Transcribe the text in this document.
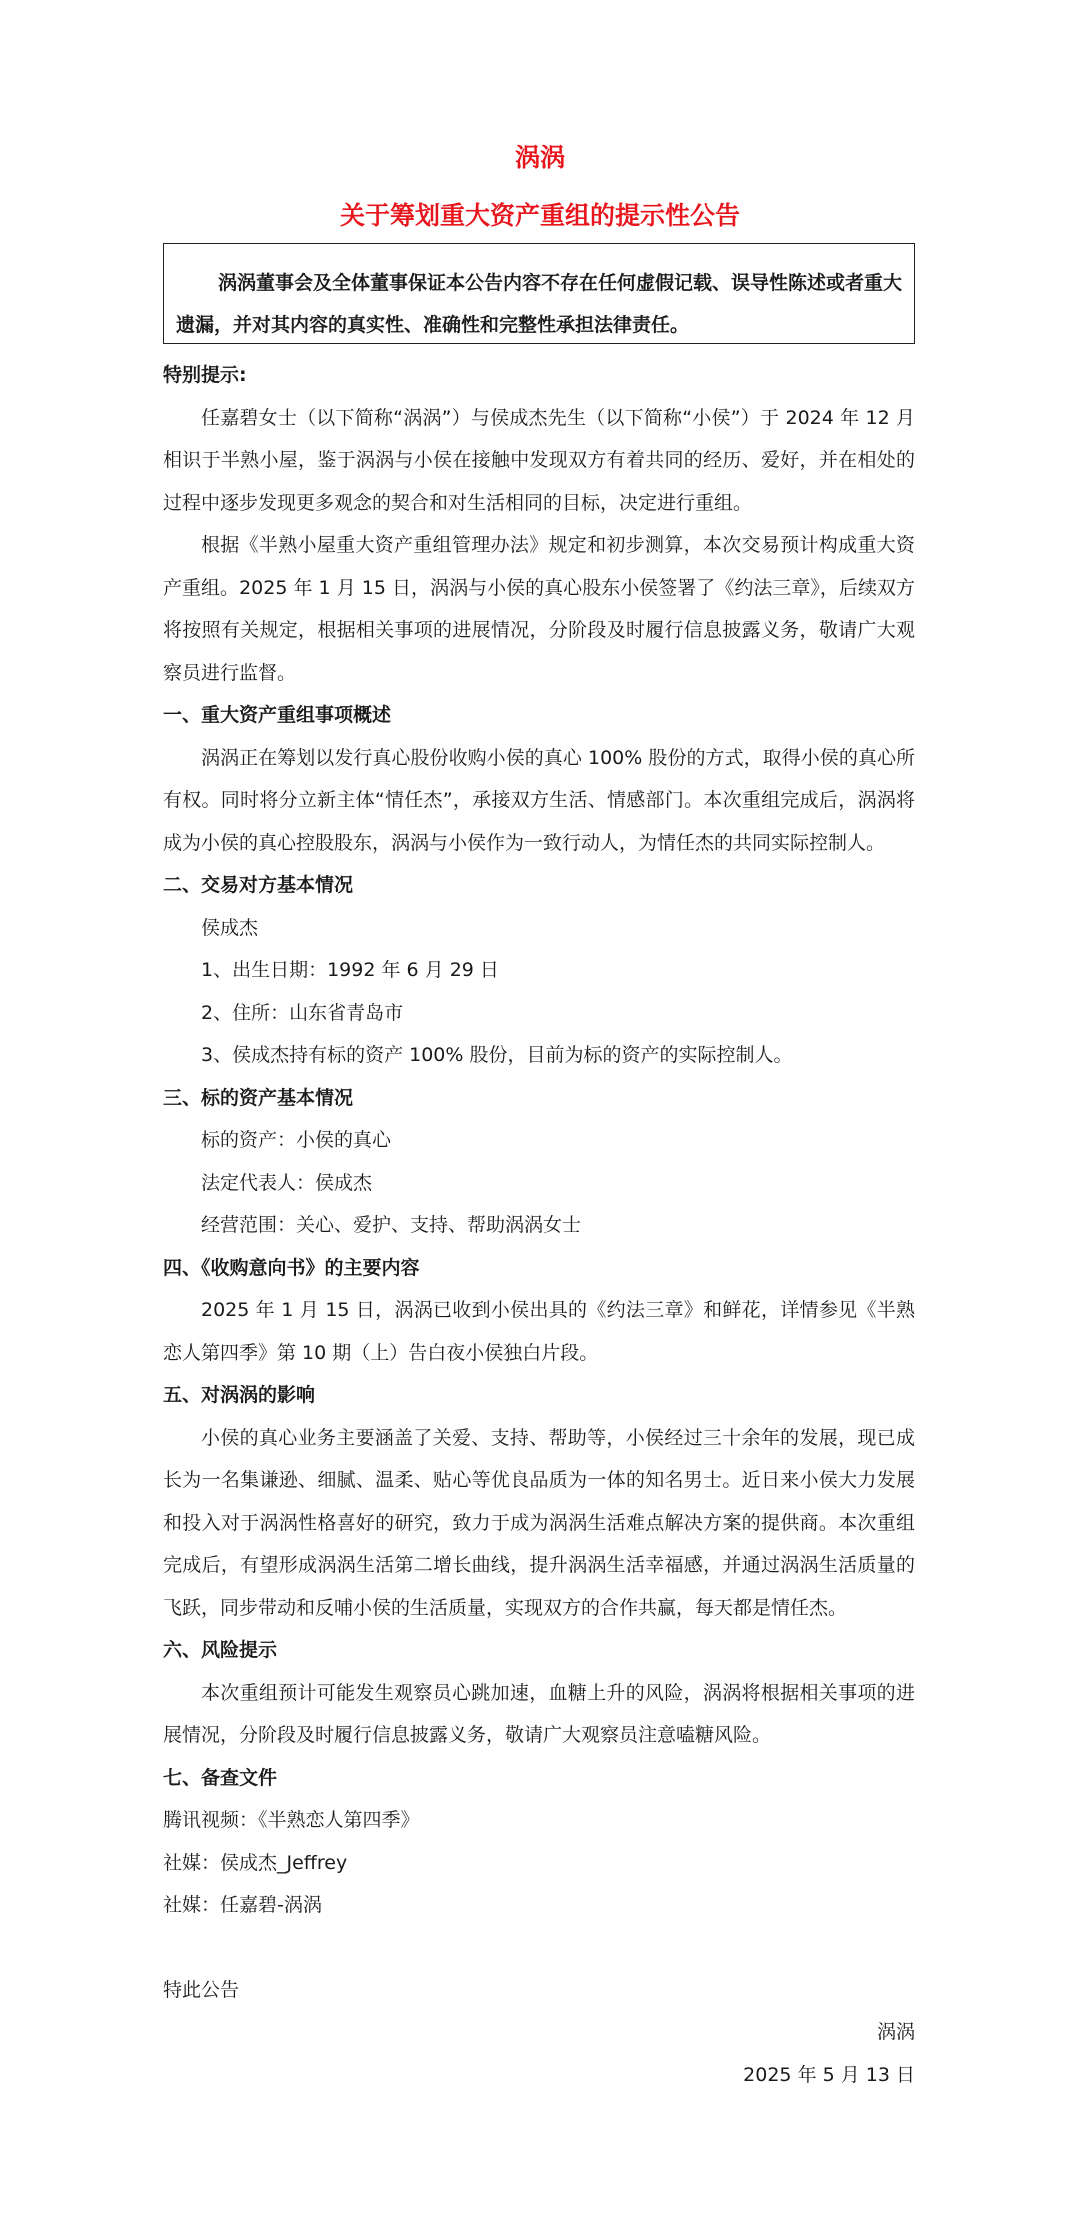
涡涡
关于筹划重大资产重组的提示性公告
涡涡董事会及全体董事保证本公告内容不存在任何虚假记载、误导性陈述或者重大遗漏，并对其内容的真实性、准确性和完整性承担法律责任。
特别提示:

任嘉碧女士（以下简称“涡涡”）与侯成杰先生（以下简称“小侯”）于 2024 年 12 月相识于半熟小屋，鉴于涡涡与小侯在接触中发现双方有着共同的经历、爱好，并在相处的过程中逐步发现更多观念的契合和对生活相同的目标，决定进行重组。

根据《半熟小屋重大资产重组管理办法》规定和初步测算，本次交易预计构成重大资产重组。2025 年 1 月 15 日，涡涡与小侯的真心股东小侯签署了《约法三章》，后续双方将按照有关规定，根据相关事项的进展情况，分阶段及时履行信息披露义务，敬请广大观察员进行监督。

一、重大资产重组事项概述

涡涡正在筹划以发行真心股份收购小侯的真心 100% 股份的方式，取得小侯的真心所有权。同时将分立新主体“情任杰”，承接双方生活、情感部门。本次重组完成后，涡涡将成为小侯的真心控股股东，涡涡与小侯作为一致行动人，为情任杰的共同实际控制人。

二、交易对方基本情况
侯成杰
1、出生日期：1992 年 6 月 29 日
2、住所：山东省青岛市
3、侯成杰持有标的资产 100% 股份，目前为标的资产的实际控制人。
三、标的资产基本情况
标的资产：小侯的真心
法定代表人：侯成杰
经营范围：关心、爱护、支持、帮助涡涡女士
四、《收购意向书》的主要内容

2025 年 1 月 15 日，涡涡已收到小侯出具的《约法三章》和鲜花，详情参见《半熟恋人第四季》第 10 期（上）告白夜小侯独白片段。

五、对涡涡的影响

小侯的真心业务主要涵盖了关爱、支持、帮助等，小侯经过三十余年的发展，现已成长为一名集谦逊、细腻、温柔、贴心等优良品质为一体的知名男士。近日来小侯大力发展和投入对于涡涡性格喜好的研究，致力于成为涡涡生活难点解决方案的提供商。本次重组完成后，有望形成涡涡生活第二增长曲线，提升涡涡生活幸福感，并通过涡涡生活质量的飞跃，同步带动和反哺小侯的生活质量，实现双方的合作共赢，每天都是情任杰。

六、风险提示

本次重组预计可能发生观察员心跳加速，血糖上升的风险，涡涡将根据相关事项的进展情况，分阶段及时履行信息披露义务，敬请广大观察员注意嗑糖风险。

七、备查文件
腾讯视频：《半熟恋人第四季》
社媒：侯成杰_Jeffrey
社媒：任嘉碧-涡涡
特此公告
涡涡
2025 年 5 月 13 日
